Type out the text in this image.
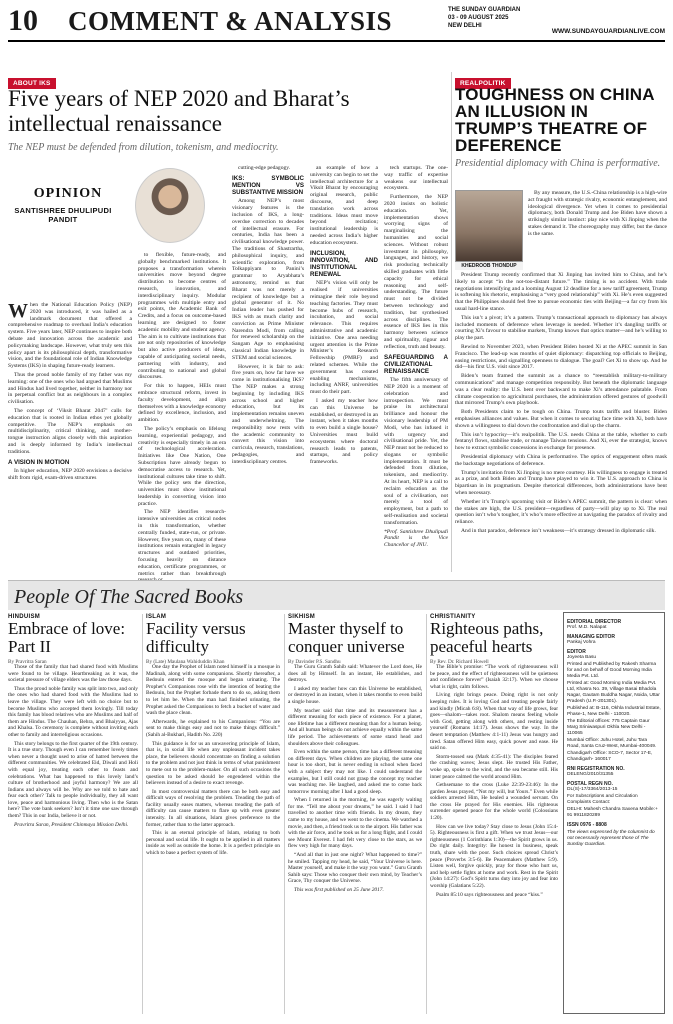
10 COMMENT & ANALYSIS	THE SUNDAY GUARDIAN
03 - 09 AUGUST 2025
NEW DELHI
WWW.SUNDAYGUARDIANLIVE.COM
ABOUT IKS
Five years of NEP 2020 and Bharat’s intellectual renaissance
The NEP must be defended from dilution, tokenism, and mediocrity.
OPINION
SANTISHREE DHULIPUDI PANDIT

When the National Education Policy (NEP) 2020 was introduced, it was hailed as a landmark document that offered a comprehensive roadmap to overhaul India’s education system. Five years later, NEP continues to inspire both debate and innovation across the academic and policymaking landscape. However, what truly sets this policy apart is its philosophical depth, transformative vision, and the foundational role of Indian Knowledge Systems (IKS) in shaping future-ready learners.

Thus the proud noble family of my father was my learning: one of the ones who had argued that Muslims and Hindus had lived together, neither in harmony nor in perpetual conflict but as neighbours in a complex civilisation.

The concept of ‘Viksit Bharat 2047’ calls for education that is rooted in Indian ethos yet globally competitive. The NEP’s emphasis on multidisciplinarity, critical thinking, and mother-tongue instruction aligns closely with this aspiration and is deeply informed by India’s intellectual traditions.

A VISION IN MOTION

In higher education, NEP 2020 envisions a decisive shift from rigid, exam-driven structures

to flexible, future-ready, and globally benchmarked institutions. It proposes a transformation wherein universities move beyond degree distribution to become centres of research, innovation, and interdisciplinary inquiry. Modular programmes with multiple entry and exit points, the Academic Bank of Credits, and a focus on outcome-based learning are designed to foster academic mobility and student agency. The aim is to cultivate institutions that are not only repositories of knowledge but also active producers of ideas, capable of anticipating societal needs, partnering with industry, and contributing to national and global discourses.

For this to happen, HEIs must embrace structural reform, invest in faculty development, and align themselves with a knowledge economy defined by excellence, inclusion, and ambition.

The policy’s emphasis on lifelong learning, experiential pedagogy, and creativity is especially timely in an era of technological acceleration. Initiatives like One Nation, One Subscription have already begun to democratise access to research. Yet, institutional cultures take time to shift. While the policy sets the direction, universities must show institutional leadership in converting vision into practice.

The NEP identifies research-intensive universities as critical nodes in this transformation, whether centrally funded, state-run, or private. However, five years on, many of these institutions remain entangled in legacy structures and outdated priorities, focusing heavily on distance education, certificate programmes, or metrics rather than breakthrough

cutting-edge pedagogy.

IKS: SYMBOLIC MENTION VS SUBSTANTIVE MISSION

Among NEP’s most visionary features is the inclusion of IKS, a long-overdue correction to decades of intellectual erasure. For centuries, India has been a civilisational knowledge power. The traditions of Shastrartha, philosophical inquiry, and scientific exploration, from Tolkappiyam to Panini’s grammar to Aryabhata’s astronomy, remind us that Bharat was not merely a recipient of knowledge but a global generator of it. No Indian leader has pushed for IKS with as much clarity and conviction as Prime Minister Narendra Modi, from calling for renewed scholarship on the Sangam Age to emphasising classical Indian knowledge in STEM and social sciences.

However, it is fair to ask: five years on, how far have we come in institutionalising IKS? The NEP makes a strong beginning by including IKS across school and higher education, but its implementation remains uneven and underwhelming. The responsibility now rests with the academic community to convert this vision into curricula, research, translations, pedagogies, and interdisciplinary centres.

an example of how a university can begin to set the intellectual architecture for a Viksit Bharat by encouraging original research, public discourse, and deep translation work across traditions. Ideas must move beyond recitation; institutional leadership is needed across India’s higher education ecosystem.

INCLUSION, INNOVATION, AND INSTITUTIONAL RENEWAL

NEP’s vision will only be realised if universities reimagine their role beyond teaching factories. They must become hubs of research, incubation, and social relevance. This requires administrative and academic initiative. One area needing urgent attention is the Prime Minister’s Research Fellowship (PMRF) and related schemes. While the government has created enabling mechanisms, including ANRF, universities must do their part.

I asked my teacher how can this Universe be established, or destroyed in an instant, when it takes months to even build a single house? Universities must build ecosystems where doctoral research leads to patents, startups, and policy frameworks.

tech startups. The one-way traffic of expertise weakens our intellectual ecosystem.

Furthermore, the NEP 2020 insists on holistic education. Yet, implementation shows worrying signs of marginalising the humanities and social sciences. Without robust investment in philosophy, languages, and history, we risk producing technically skilled graduates with little capacity for ethical reasoning and self-understanding. The future must not be divided between technology and tradition, but synthesised across disciplines. The essence of IKS lies in this harmony between science and spirituality, rigour and reflection, truth and beauty.

SAFEGUARDING A CIVILIZATIONAL RENAISSANCE

The fifth anniversary of NEP 2020 is a moment of celebration and introspection. We must praise its architectural brilliance and honour the visionary leadership of PM Modi, who has infused it with urgency and civilisational pride. Yet, the NEP must not be reduced to slogans or symbolic implementation. It must be defended from dilution, tokenism, and mediocrity. At its heart, NEP is a call to reclaim education as the soul of a civilisation, not merely a tool of employment, but a path to self-realisation and societal transformation.

*Prof. Santishree Dhulipudi Pandit is the Vice Chancellor of JNU.

REALPOLITIK
TOUGHNESS ON CHINA AN ILLUSION IN TRUMP’S THEATRE OF DEFERENCE
Presidential diplomacy with China is performative.
KHEDROOB THONDUP

By any measure, the U.S.-China relationship is a high-wire act fraught with strategic rivalry, economic entanglement, and ideological divergence. Yet when it comes to presidential diplomacy, both Donald Trump and Joe Biden have shown a strikingly similar instinct: play nice with Xi Jinping when the stakes demand it. The choreography may differ, but the dance is the same.

President Trump recently confirmed that Xi Jinping has invited him to China, and he’s likely to accept “in the not-too-distant future.” The timing is no accident. With trade negotiations intensifying and a looming August 12 deadline for a new tariff agreement, Trump is softening his rhetoric, emphasising a “very good relationship” with Xi. He’s even suggested that the Philippines should feel free to pursue economic ties with Beijing—a far cry from his usual hard-line stance.

This isn’t a pivot; it’s a pattern. Trump’s transactional approach to diplomacy has always included moments of deference when leverage is needed. Whether it’s dangling tariffs or courting Xi’s favour to stabilise markets, Trump knows that optics matter—and he’s willing to play the part.

Rewind to November 2023, when President Biden hosted Xi at the APEC summit in San Francisco. The lead-up was months of quiet diplomacy: dispatching top officials to Beijing, easing restrictions, and signalling openness to dialogue. The goal? Get Xi to show up. And he did—his first U.S. visit since 2017.

Biden’s team framed the summit as a chance to “reestablish military-to-military communications” and manage competition responsibly. But beneath the diplomatic language was a clear reality: the U.S. bent over backward to make Xi’s attendance palatable. From climate cooperation to agricultural purchases, the administration offered gestures of goodwill that mirrored Trump’s own playbook.

Both Presidents claim to be tough on China. Trump touts tariffs and bluster. Biden emphasises alliances and values. But when it comes to securing face time with Xi, both have shown a willingness to dial down the confrontation and dial up the charm.

This isn’t hypocrisy—it’s realpolitik. The U.S. needs China at the table, whether to curb fentanyl flows, stabilise trade, or manage Taiwan tensions. And Xi, ever the strategist, knows how to extract symbolic concessions in exchange for presence.

Presidential diplomacy with China is performative. The optics of engagement often mask the backstage negotiations of deference.

Trump’s invitation from Xi Jinping is no mere courtesy. His willingness to engage is treated as a prize, and both Biden and Trump have played to win it. The U.S. approach to China is bipartisan in its pragmatism. Despite rhetorical differences, both administrations have bent when necessary.

Whether it’s Trump’s upcoming visit or Biden’s APEC summit, the pattern is clear: when the stakes are high, the U.S. president—regardless of party—will play up to Xi. The real question isn’t who’s tougher, it’s who’s more effective at navigating the paradox of rivalry and reliance.

And in that paradox, deference isn’t weakness—it’s strategy dressed in diplomatic silk.

People Of The Sacred Books
HINDUISM
Embrace of love: Part II
By Pravritra Saran

Those of the family that had shared food with Muslims were found to be village. Heartbreaking as it was, the societal pressure of village elders was the law those days.

Thus the proud noble family was split into two, and only the ones who had shared food with the Muslims had to leave the village. They were left with no choice but to become Muslims who accepted them lovingly. Till today this family has blood relatives who are Muslims and half of them are Hindus. The Chauhan, Behra, and Bhaiyyas, Ajas and Khalsa. To ceremony is complete without inviting each other to family and interreligious occasions.

This story belongs to the first quarter of the 19th century. It is a true story. Though even I can remember lovely times when never a thought used to arise of hatred between the different communities. We celebrated Eid, Diwali and Holi with equal joy, treating each other to feasts and celebrations. What has happened to this lovely land’s culture of brotherhood and joyful harmony? We are all Indians and always will be. Why are we told to hate and fear each other? Talk to people individually, they all want love, peace and harmonious living. Then who is the Satan here? The vote bank seekers? Isn’t it time one saw through them? This in our India, believe it or not.

Pravritra Saran, President Chinmaya Mission Delhi.

ISLAM
Facility versus difficulty
By (Late) Maulana Wahiduddin Khan

One day the Prophet of Islam noted himself in a mosque in Madinah, along with some companions. Shortly thereafter, a Bedouin entered the mosque and began urinating. The Prophet’s Companions rose with the intention of beating the Bedouin, but the Prophet forbade them to do so, asking them to let him be. When the man had finished urinating, the Prophet asked the Companions to fetch a bucket of water and wash the place clean.

Afterwards, he explained to his Companions: “You are sent to make things easy and not to make things difficult.” (Sahih al-Bukhari, Hadith No. 220)

This guidance is for us an unwavering principle of Islam, that is, in social life when any unpleasant incident takes place, the believers should concentrate on finding a solution to the problem and not just think in terms of what punishment to mete out to the problem-maker. On all such occasions the question to be asked should be engendered within the believers instead of a desire to exact revenge.

In most controversial matters there can be both easy and difficult ways of resolving the problem. Treading the path of facility usually eases matters, whereas treading the path of difficulty can cause matters to flare up with even greater intensity. In all situations, Islam gives preference to the former, rather than to the latter approach.

This is an eternal principle of Islam, relating to both personal and social life. It ought to be applied in all matters inside as well as outside the home. It is a perfect principle on which to base a perfect system of life.

SIKHISM
Master thyself to conquer universe
By Davinder P.S. Sandhu

The Guru Granth Sahib said: Whatever the Lord does, He does all by Himself. In an instant, He establishes, and destroys.

I asked my teacher how can this Universe be established, or destroyed in an instant, when it takes months to even build a single house.

My teacher said that time and its measurement has a different meaning for each piece of existence. For a planet, one lifetime has a different meaning than for a human being. And all human beings do not achieve equally within the same life period. The achievements of some stand head and shoulders above their colleagues.

Even within the same person, time has a different meaning on different days. When children are playing, the same one hour is too short, but is never ending in school when faced with a subject they may not like. I could understand the examples, but I still could not grasp the concept my teacher was teaching me. He laughed, and asked me to come back tomorrow morning after I had a good sleep.

When I returned in the morning, he was eagerly waiting for me. “Tell me about your dreams,” he said. I said I had travelled to another time with friends. In my dream, they came to my house, and we went to the cinema. We watched a movie, and then, a friend took us to the airport. His father was with the air force, and he took us for a long flight, and I could see Mount Everest. I had felt very close to the stars, as we flew very high for many days.

“And all that in just one night? What happened to time?” he smiled. Tapping my head, he said, “Your Universe is here. Master yourself, and make it the way you want.” Guru Granth Sahib says: Those who conquer their own mind, by Teacher’s Grace, Thy conquer the Universe.

This was first published on 25 June 2017.

CHRISTIANITY
Righteous paths, peaceful hearts
By Rev. Dr. Richard Howell

The Bible’s promise: “The work of righteousness will be peace, and the effect of righteousness will be quietness and confidence forever” (Isaiah 32:17). When we choose what is right, calm follows.

Living right brings peace. Doing right is not only keeping rules. It is loving God and treating people fairly and kindly (Micah 6:8). When that way of life grows, fear goes—shalom—takes root. Shalom means feeling whole with God, getting along with others, and resting inside yourself (Romans 14:17). Jesus shows the way. In the desert temptation (Matthew 4:1-11) Jesus was hungry and tired. Satan offered Him easy, quick power and ease. He said no.

Storm-tossed sea (Mark 4:35-41): The disciples feared the crashing waves; Jesus slept. He trusted His Father, woke up, spoke to the wind, and the sea became still. His inner peace calmed the world around Him.

Gethsemane to the cross (Luke 22:39-23:46): In the garden Jesus prayed, “Not my will, but Yours.” Even while soldiers arrested Him, He healed a wounded servant. On the cross He prayed for His enemies. His righteous surrender opened peace for the whole world (Colossians 1:20).

How can we live today? Stay close to Jesus (John 15:4-5). Righteousness is first a gift. When we trust Jesus—our righteousness (1 Corinthians 1:30)—the Spirit grows in us. Do right daily. Integrity: Be honest in business, speak truth, share with the poor. Such choices spread Christ’s peace (Proverbs 3:5-6). Be Peacemakers (Matthew 5:9). Listen well, forgive quickly, pray for those who hurt us, and help settle fights at home and work. Rest in the Spirit (John 14:27): God’s Spirit turns duty into joy and fear into worship (Galatians 5:22).

Psalm 85:10 says righteousness and peace “kiss.”

EDITORIAL DIRECTOR
Prof. M.D. Nalapat
MANAGING EDITOR
Pankaj Vohra
EDITOR
Joyeeta Basu
Printed and Published by Rakesh Sharma for and on behalf of Good Morning India Media Pvt. Ltd.
Printed at: Good Morning India Media Pvt. Ltd, Khasra No. 39, Village Basai Bhadola Nagar, Gautam Buddha Nagar, Noida, Uttar Pradesh (U.P.-201301).
Published at: B-116, Okhla Industrial Estate, Phase-1, New Delhi - 110020.
The Editorial offices: 775 Captain Gaur Marg Sriniwaspuri Okhla New Delhi - 110065
Mumbai Office: Juhu Hotel, Juhu Tara Road, Santa Cruz-West, Mumbai-400049.
Chandigarh Office: SCO-7, Sector 17-E, Chandigarh- 160017
RNI REGISTRATION NO.
DELENG/2010/31355
POSTAL REGN NO.
DL(S)-17/3364/2013-15
For Subscriptions and Circulation Complaints Contact:
DELHI: Mahesh Chandra Saxena Mobile:+ 91 9911820289
ISSN 0976 - 8808
The views expressed by the columnist do not necessarily represent those of The Sunday Guardian.
